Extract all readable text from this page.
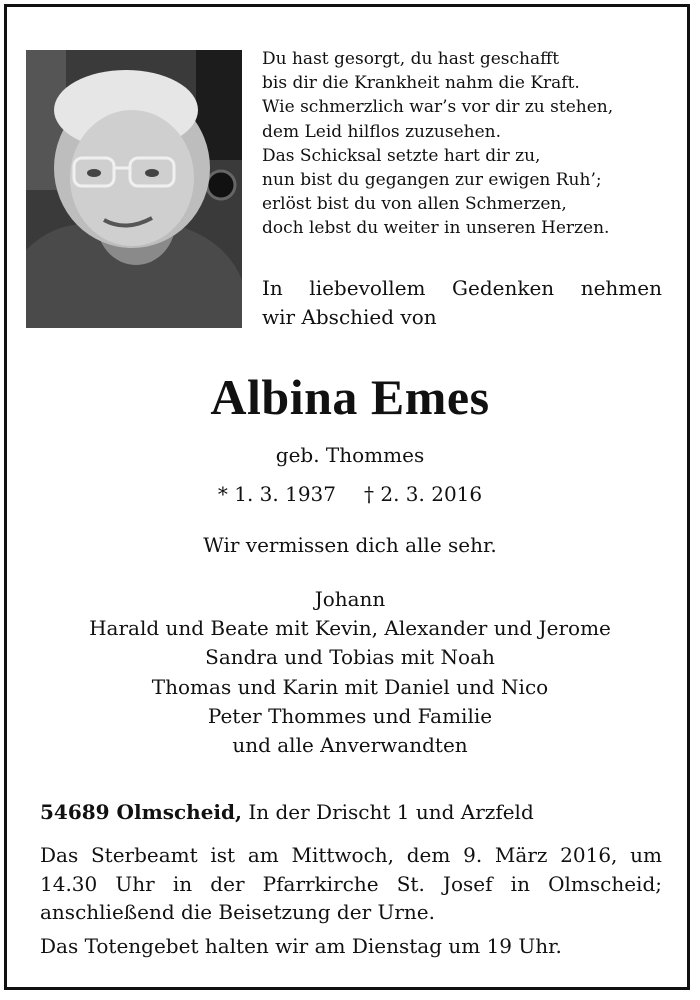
Du hast gesorgt, du hast geschafft
bis dir die Krankheit nahm die Kraft.
Wie schmerzlich war’s vor dir zu stehen,
dem Leid hilflos zuzusehen.
Das Schicksal setzte hart dir zu,
nun bist du gegangen zur ewigen Ruh’;
erlöst bist du von allen Schmerzen,
doch lebst du weiter in unseren Herzen.
In liebevollem Gedenken nehmen
wir Abschied von
Albina Emes
geb. Thommes
* 1. 3. 1937 † 2. 3. 2016
Wir vermissen dich alle sehr.
Johann
Harald und Beate mit Kevin, Alexander und Jerome
Sandra und Tobias mit Noah
Thomas und Karin mit Daniel und Nico
Peter Thommes und Familie
und alle Anverwandten
54689 Olmscheid, In der Drischt 1 und Arzfeld
Das Sterbeamt ist am Mittwoch, dem 9. März 2016, um 14.30 Uhr in der Pfarrkirche St. Josef in Olmscheid; anschließend die Beisetzung der Urne.
Das Totengebet halten wir am Dienstag um 19 Uhr.
